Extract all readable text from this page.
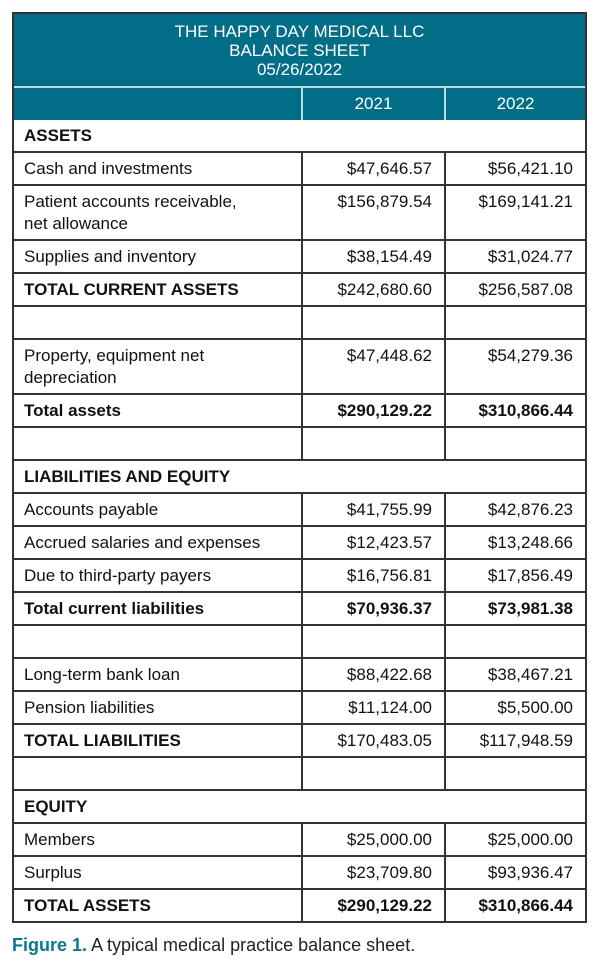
THE HAPPY DAY MEDICAL LLC
BALANCE SHEET
05/26/2022
2021	2022
ASSETS
Cash and investments	$47,646.57	$56,421.10
Patient accounts receivable,
net allowance
$156,879.54	$169,141.21
Supplies and inventory	$38,154.49	$31,024.77
TOTAL CURRENT ASSETS	$242,680.60	$256,587.08
Property, equipment net
depreciation
$47,448.62	$54,279.36
Total assets	$290,129.22	$310,866.44
LIABILITIES AND EQUITY
Accounts payable	$41,755.99	$42,876.23
Accrued salaries and expenses	$12,423.57	$13,248.66
Due to third-party payers	$16,756.81	$17,856.49
Total current liabilities	$70,936.37	$73,981.38
Long-term bank loan	$88,422.68	$38,467.21
Pension liabilities	$11,124.00	$5,500.00
TOTAL LIABILITIES	$170,483.05	$117,948.59
EQUITY
Members	$25,000.00	$25,000.00
Surplus	$23,709.80	$93,936.47
TOTAL ASSETS	$290,129.22	$310,866.44
Figure 1. A typical medical practice balance sheet.
